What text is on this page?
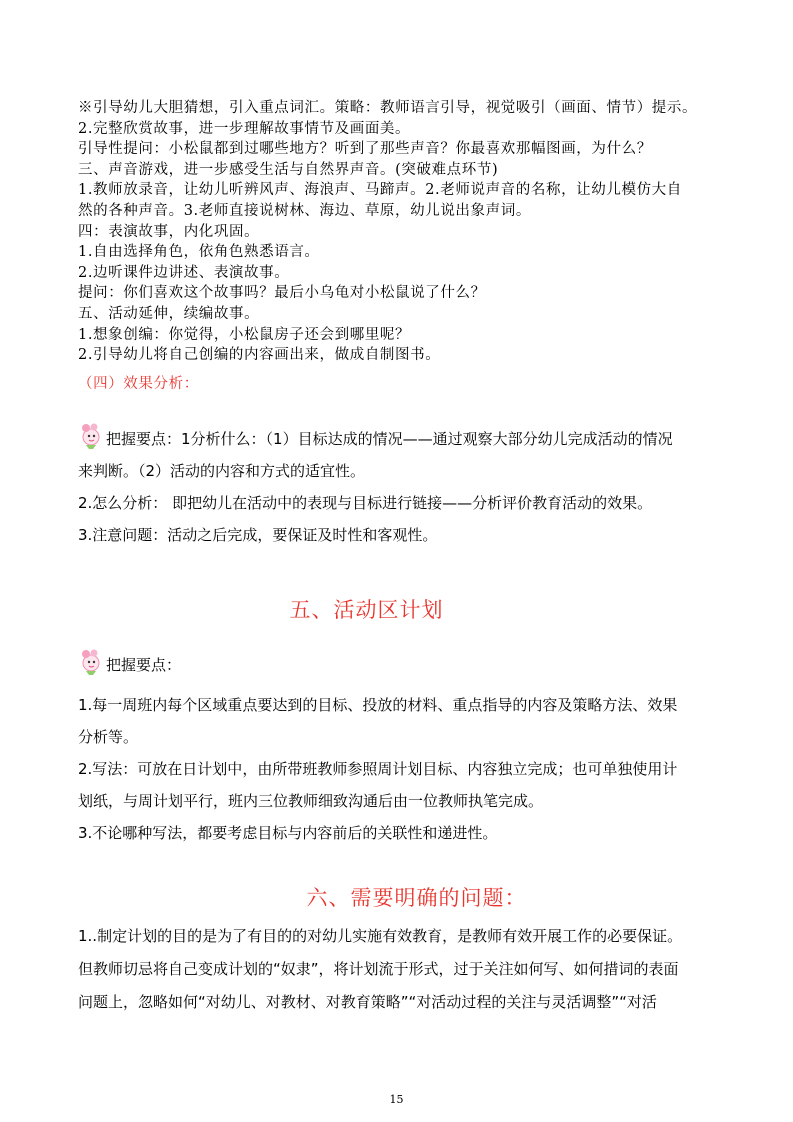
※引导幼儿大胆猜想，引入重点词汇。策略：教师语言引导，视觉吸引（画面、情节）提示。
2.完整欣赏故事，进一步理解故事情节及画面美。
引导性提问：小松鼠都到过哪些地方？听到了那些声音？你最喜欢那幅图画，为什么？
三、声音游戏，进一步感受生活与自然界声音。(突破难点环节)
1.教师放录音，让幼儿听辨风声、海浪声、马蹄声。2.老师说声音的名称，让幼儿模仿大自
然的各种声音。3.老师直接说树林、海边、草原，幼儿说出象声词。
四：表演故事，内化巩固。
1.自由选择角色，依角色熟悉语言。
2.边听课件边讲述、表演故事。
提问：你们喜欢这个故事吗？最后小乌龟对小松鼠说了什么？
五、活动延伸，续编故事。
1.想象创编：你觉得，小松鼠房子还会到哪里呢？
2.引导幼儿将自己创编的内容画出来，做成自制图书。
（四）效果分析：
把握要点：1分析什么：（1）目标达成的情况——通过观察大部分幼儿完成活动的情况
来判断。（2）活动的内容和方式的适宜性。
2.怎么分析： 即把幼儿在活动中的表现与目标进行链接——分析评价教育活动的效果。
3.注意问题：活动之后完成，要保证及时性和客观性。
五、活动区计划
把握要点：
1.每一周班内每个区域重点要达到的目标、投放的材料、重点指导的内容及策略方法、效果
分析等。
2.写法：可放在日计划中，由所带班教师参照周计划目标、内容独立完成；也可单独使用计
划纸，与周计划平行，班内三位教师细致沟通后由一位教师执笔完成。
3.不论哪种写法，都要考虑目标与内容前后的关联性和递进性。
六、需要明确的问题：
1..制定计划的目的是为了有目的的对幼儿实施有效教育，是教师有效开展工作的必要保证。
但教师切忌将自己变成计划的“奴隶”，将计划流于形式，过于关注如何写、如何措词的表面
问题上，忽略如何“对幼儿、对教材、对教育策略”“对活动过程的关注与灵活调整”“对活
15
